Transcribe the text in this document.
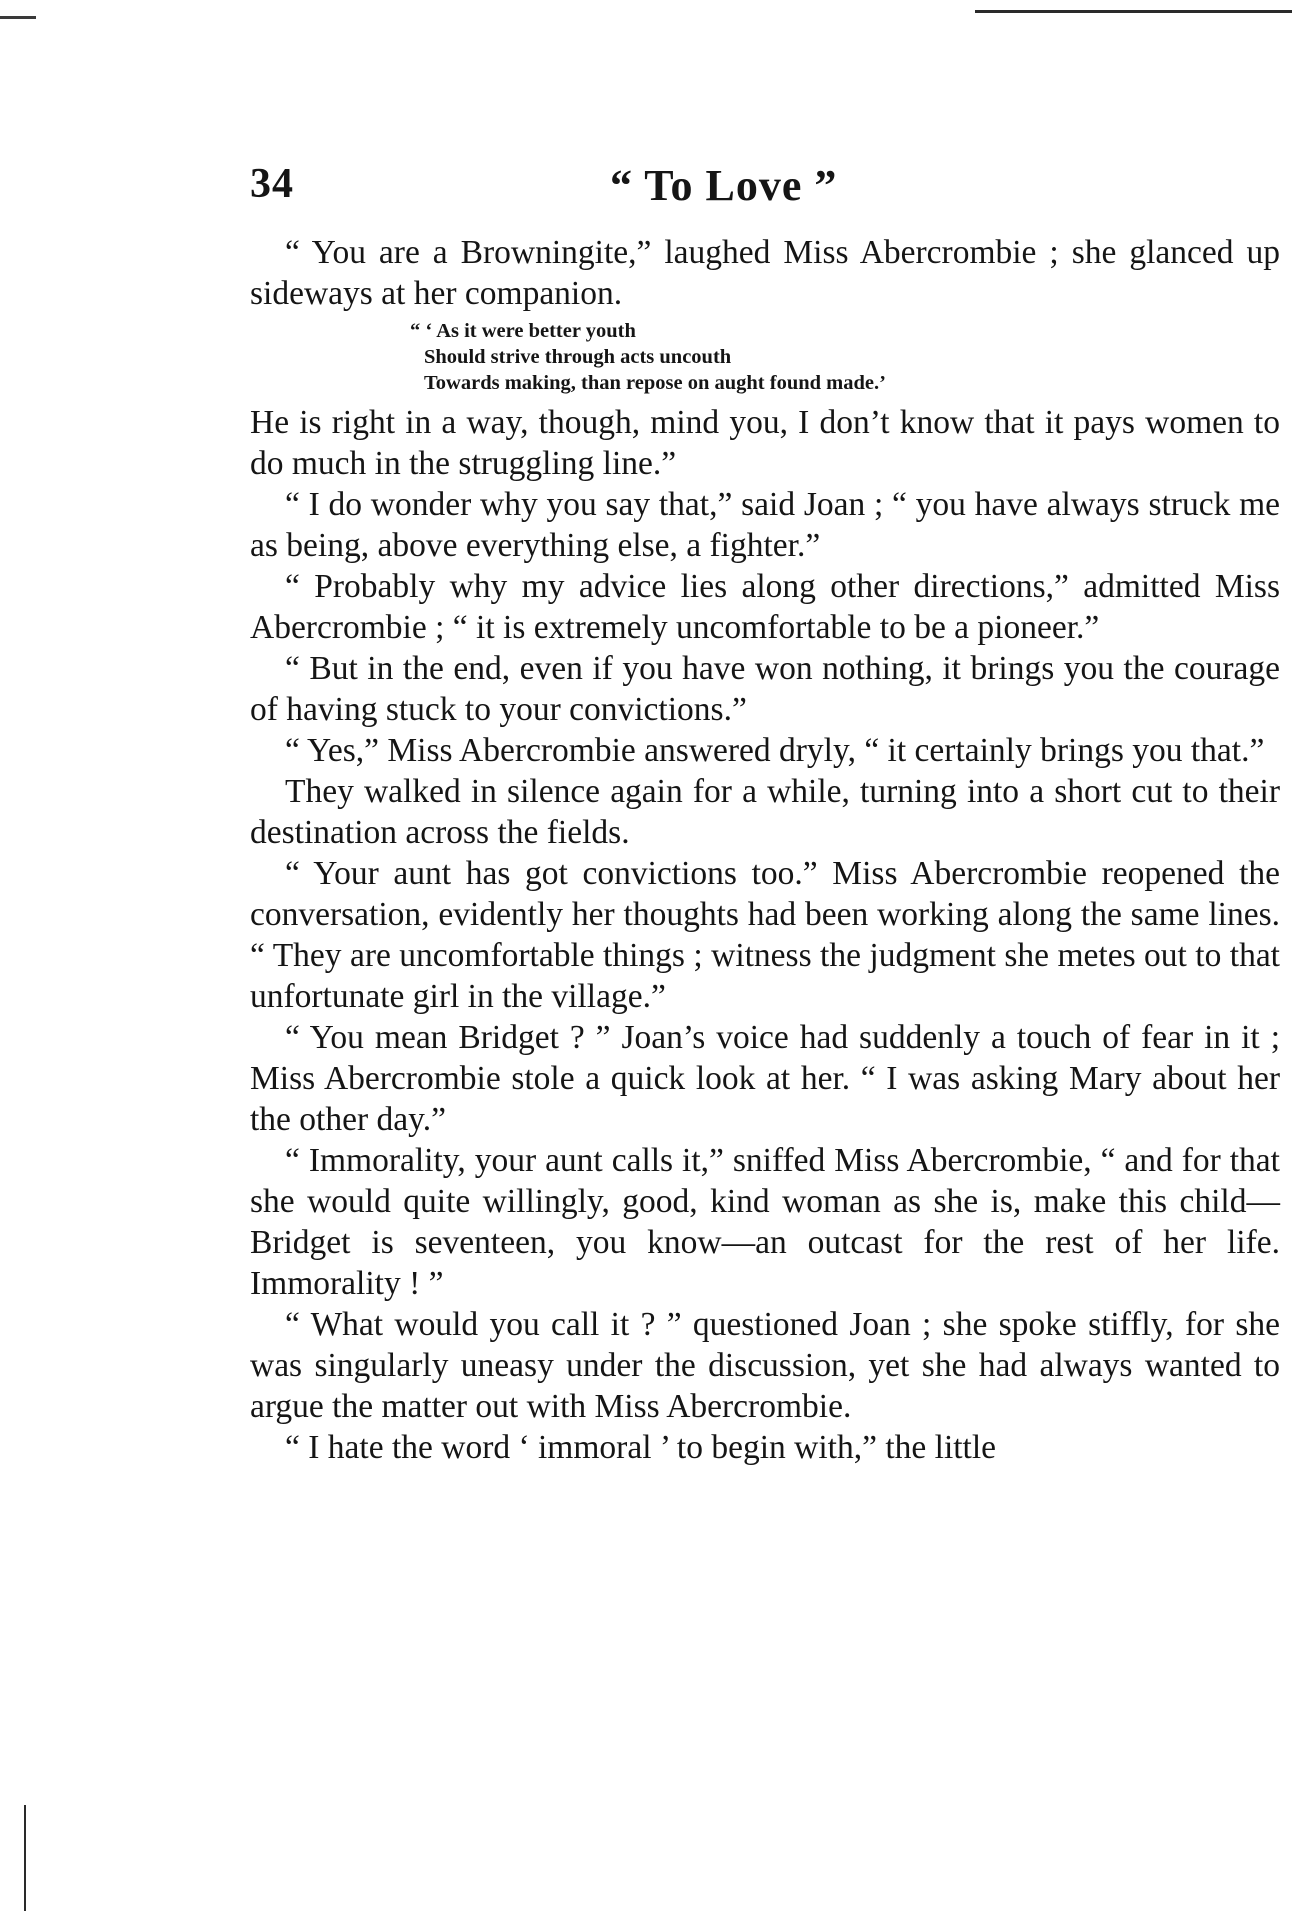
34	“ To Love ”

“ You are a Browningite,” laughed Miss Abercrombie ; she glanced up sideways at her companion.

“ ‘ As it were better youth
Should strive through acts uncouth
Towards making, than repose on aught found made.’

He is right in a way, though, mind you, I don’t know that it pays women to do much in the struggling line.”

“ I do wonder why you say that,” said Joan ; “ you have always struck me as being, above everything else, a fighter.”

“ Probably why my advice lies along other directions,” admitted Miss Abercrombie ; “ it is extremely uncomfortable to be a pioneer.”

“ But in the end, even if you have won nothing, it brings you the courage of having stuck to your convictions.”

“ Yes,” Miss Abercrombie answered dryly, “ it certainly brings you that.”

They walked in silence again for a while, turning into a short cut to their destination across the fields.

“ Your aunt has got convictions too.” Miss Abercrombie reopened the conversation, evidently her thoughts had been working along the same lines. “ They are uncomfortable things ; witness the judgment she metes out to that unfortunate girl in the village.”

“ You mean Bridget ? ” Joan’s voice had suddenly a touch of fear in it ; Miss Abercrombie stole a quick look at her. “ I was asking Mary about her the other day.”

“ Immorality, your aunt calls it,” sniffed Miss Abercrombie, “ and for that she would quite willingly, good, kind woman as she is, make this child—Bridget is seventeen, you know—an outcast for the rest of her life. Immorality ! ”

“ What would you call it ? ” questioned Joan ; she spoke stiffly, for she was singularly uneasy under the discussion, yet she had always wanted to argue the matter out with Miss Abercrombie.

“ I hate the word ‘ immoral ’ to begin with,” the little
